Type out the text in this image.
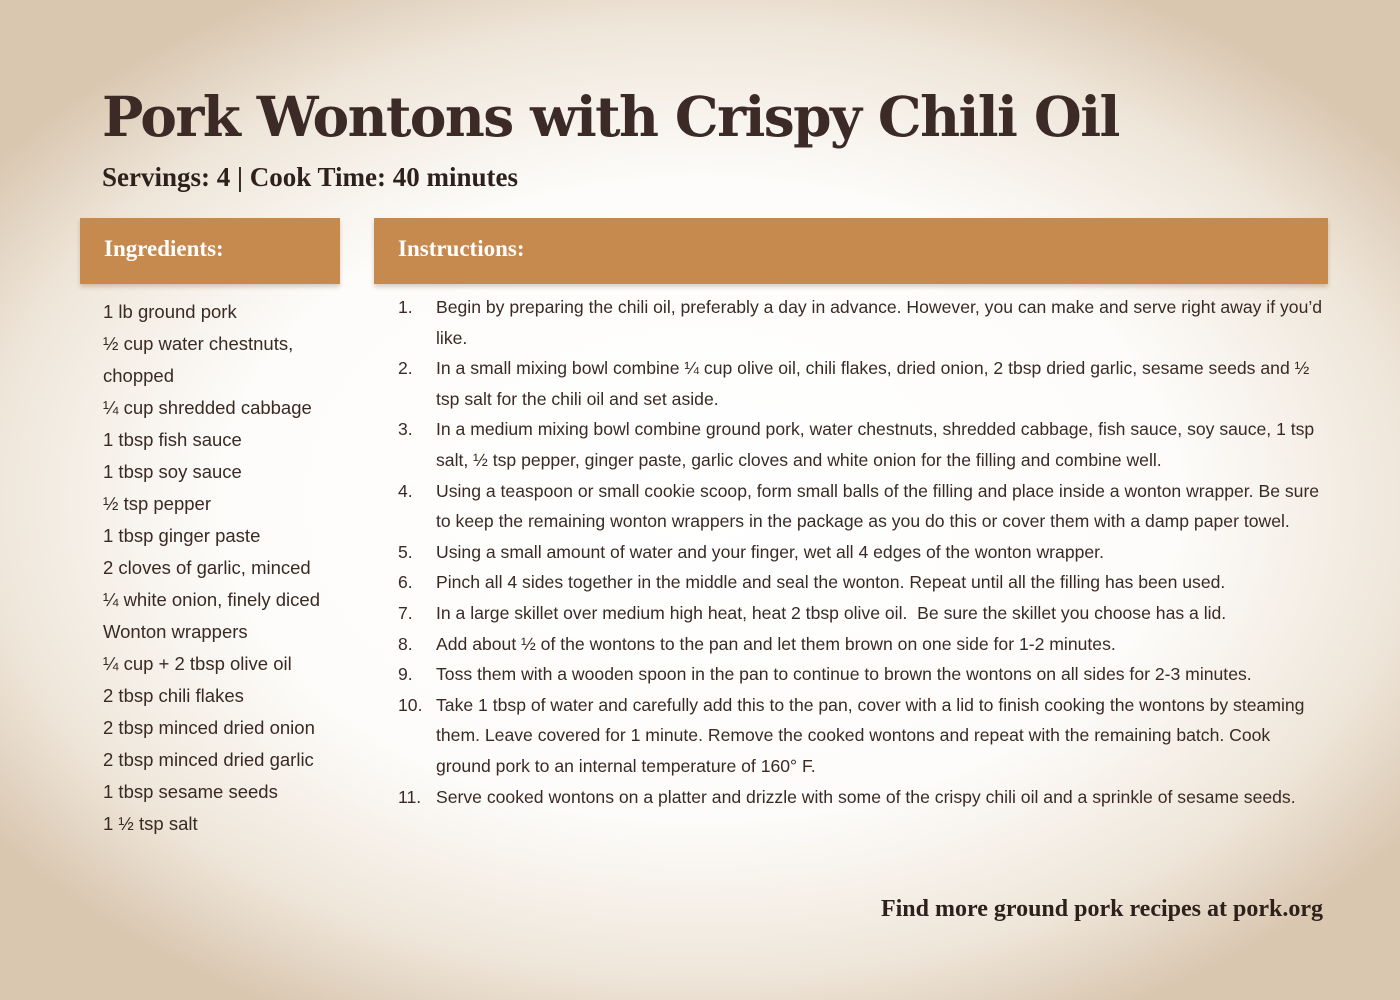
Pork Wontons with Crispy Chili Oil
Servings: 4 | Cook Time: 40 minutes
Ingredients:	Instructions:
1 lb ground pork
½ cup water chestnuts, chopped
¼ cup shredded cabbage
1 tbsp fish sauce
1 tbsp soy sauce
½ tsp pepper
1 tbsp ginger paste
2 cloves of garlic, minced
¼ white onion, finely diced
Wonton wrappers
¼ cup + 2 tbsp olive oil
2 tbsp chili flakes
2 tbsp minced dried onion
2 tbsp minced dried garlic
1 tbsp sesame seeds
1 ½ tsp salt
1.	Begin by preparing the chili oil, preferably a day in advance. However, you can make and serve right away if you’d like.
2.	In a small mixing bowl combine ¼ cup olive oil, chili flakes, dried onion, 2 tbsp dried garlic, sesame seeds and ½ tsp salt for the chili oil and set aside.
3.	In a medium mixing bowl combine ground pork, water chestnuts, shredded cabbage, fish sauce, soy sauce, 1 tsp salt, ½ tsp pepper, ginger paste, garlic cloves and white onion for the filling and combine well.
4.	Using a teaspoon or small cookie scoop, form small balls of the filling and place inside a wonton wrapper. Be sure to keep the remaining wonton wrappers in the package as you do this or cover them with a damp paper towel.
5.	Using a small amount of water and your finger, wet all 4 edges of the wonton wrapper.
6.	Pinch all 4 sides together in the middle and seal the wonton. Repeat until all the filling has been used.
7.	In a large skillet over medium high heat, heat 2 tbsp olive oil.  Be sure the skillet you choose has a lid.
8.	Add about ½ of the wontons to the pan and let them brown on one side for 1-2 minutes.
9.	Toss them with a wooden spoon in the pan to continue to brown the wontons on all sides for 2-3 minutes.
10. Take 1 tbsp of water and carefully add this to the pan, cover with a lid to finish cooking the wontons by steaming them. Leave covered for 1 minute. Remove the cooked wontons and repeat with the remaining batch. Cook ground pork to an internal temperature of 160° F.
11. Serve cooked wontons on a platter and drizzle with some of the crispy chili oil and a sprinkle of sesame seeds.
Find more ground pork recipes at pork.org
